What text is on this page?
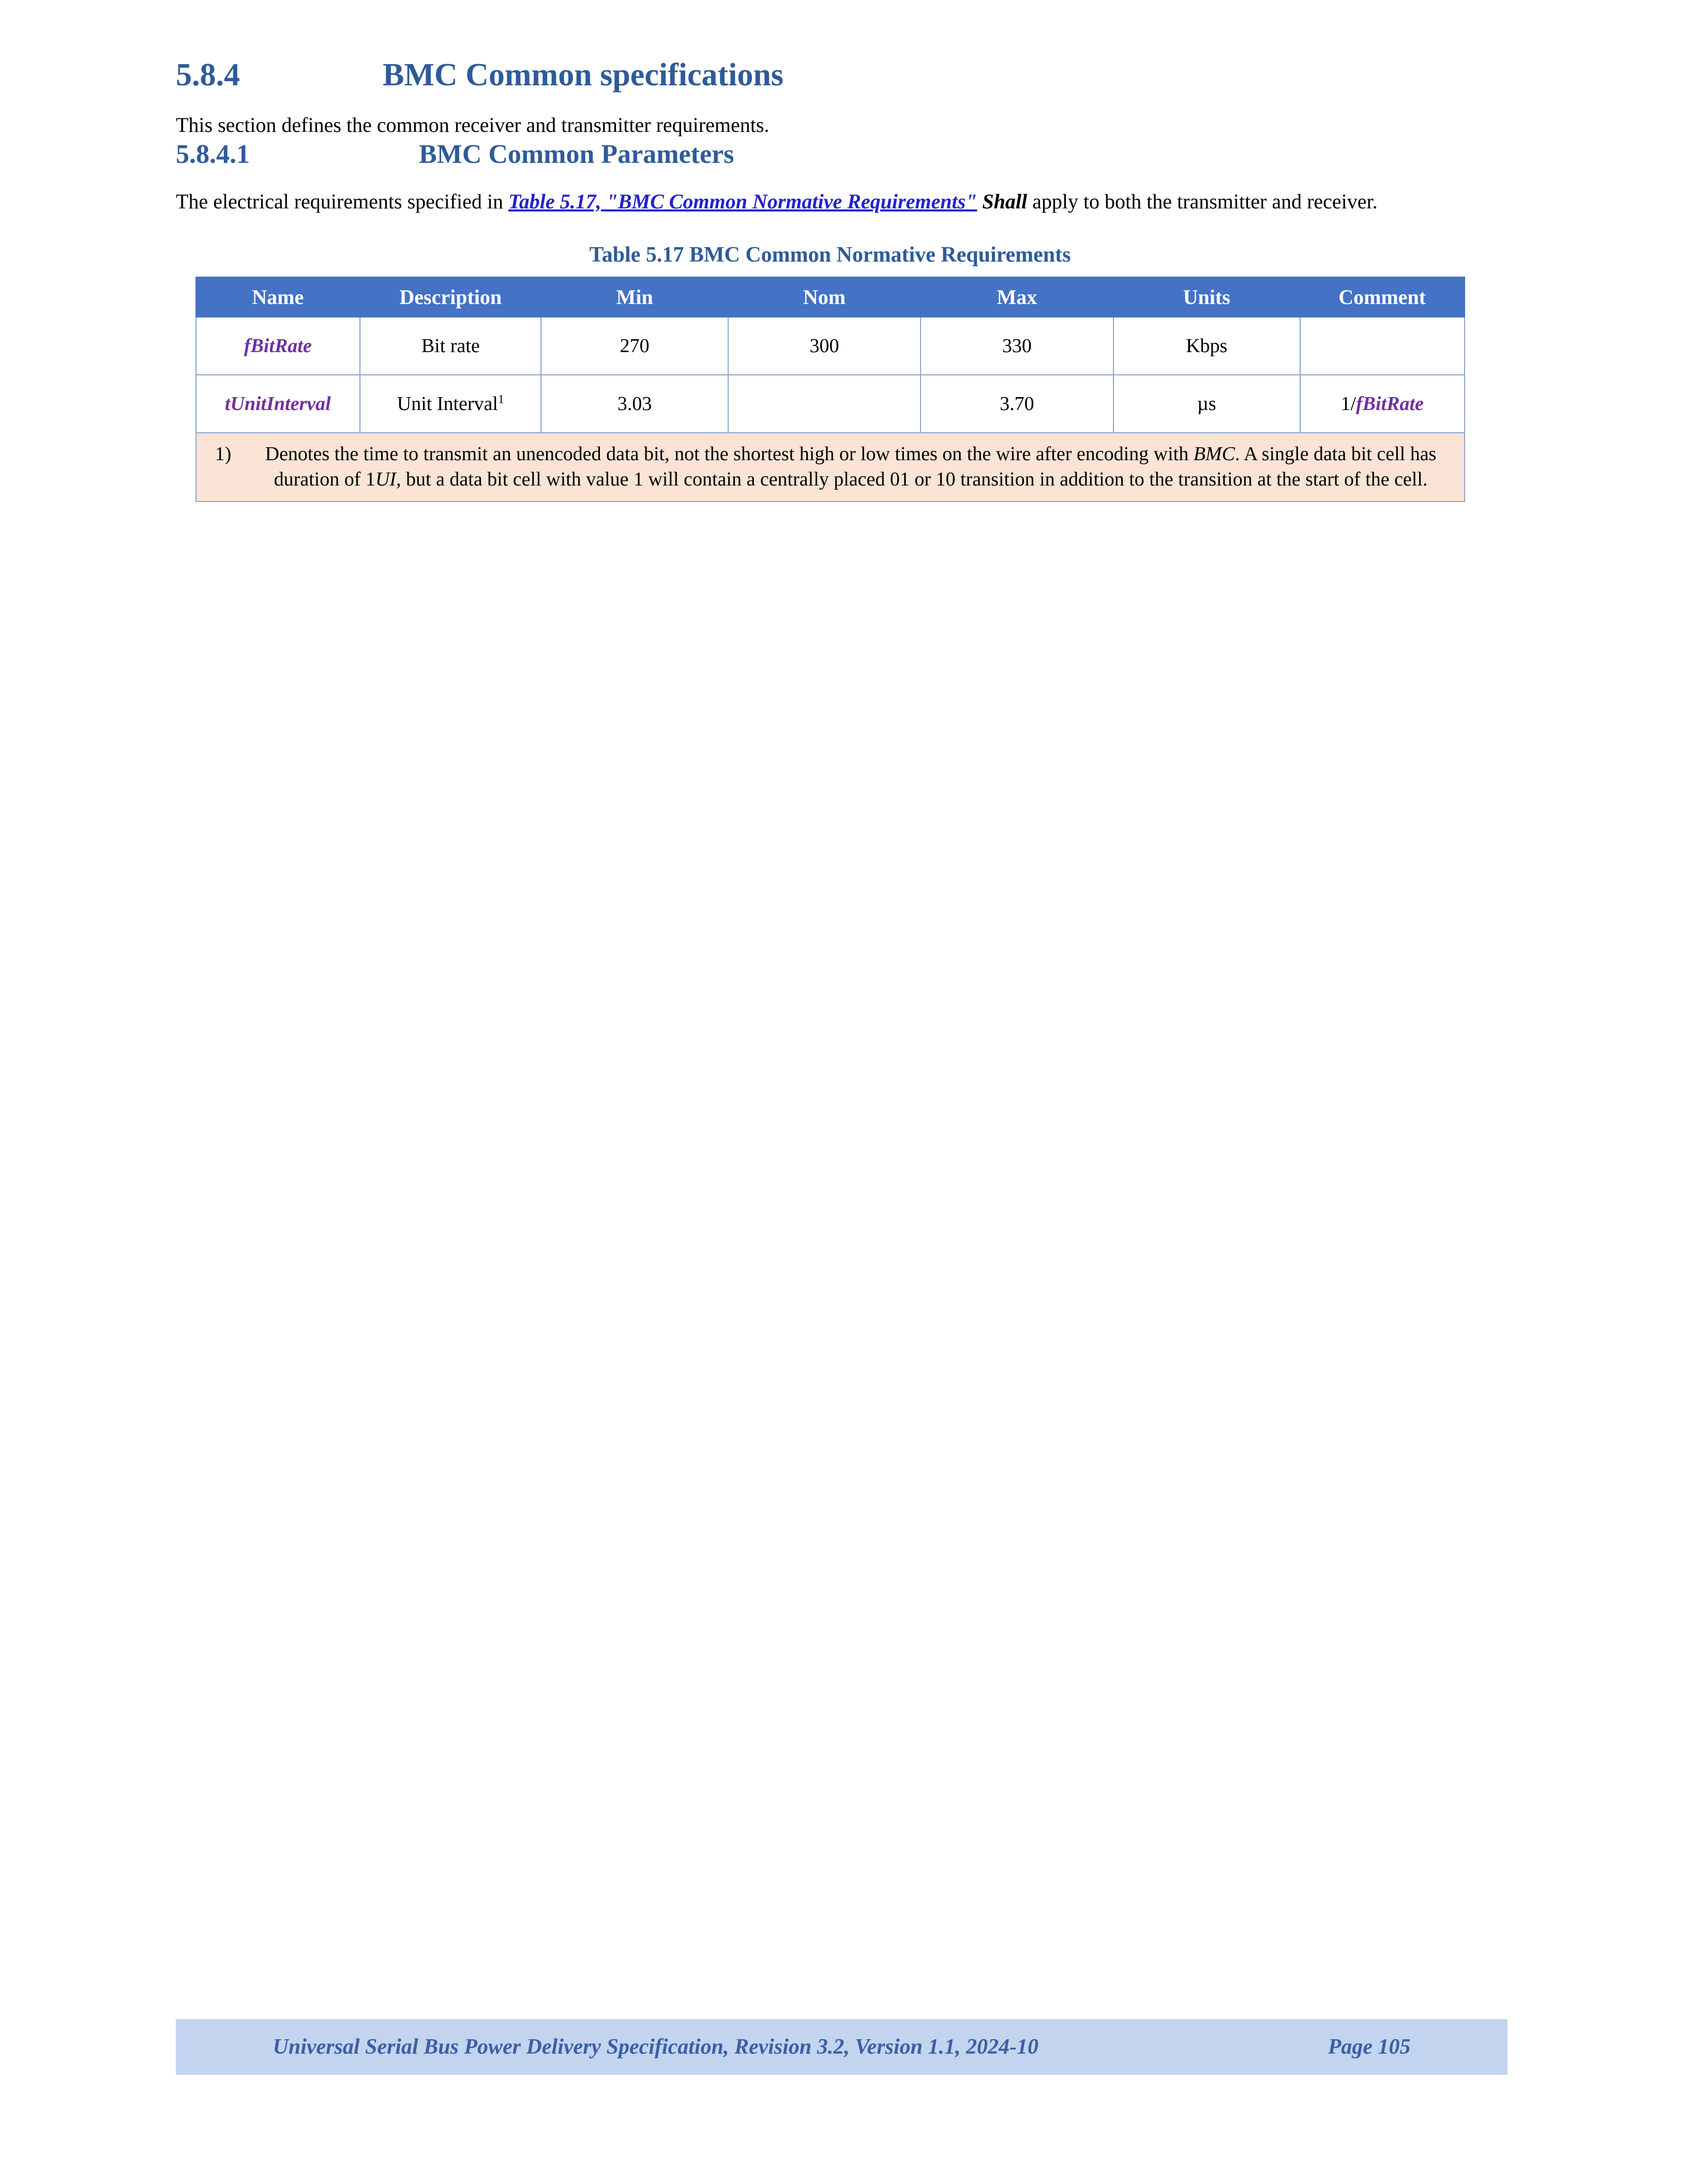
5.8.4	BMC Common specifications

This section defines the common receiver and transmitter requirements.

5.8.4.1	BMC Common Parameters

The electrical requirements specified in Table 5.17, "BMC Common Normative Requirements" Shall apply to both the transmitter and receiver.

Table 5.17 BMC Common Normative Requirements
Name	Description	Min	Nom	Max	Units	Comment
fBitRate	Bit rate	270	300	330	Kbps	
tUnitInterval	Unit Interval$^1$	3.03		3.70	µs	1/fBitRate

1) Denotes the time to transmit an unencoded data bit, not the shortest high or low times on the wire after encoding with BMC. A single data bit cell has duration of 1UI, but a data bit cell with value 1 will contain a centrally placed 01 or 10 transition in addition to the transition at the start of the cell.						
Universal Serial Bus Power Delivery Specification, Revision 3.2, Version 1.1, 2024-10	Page 105
